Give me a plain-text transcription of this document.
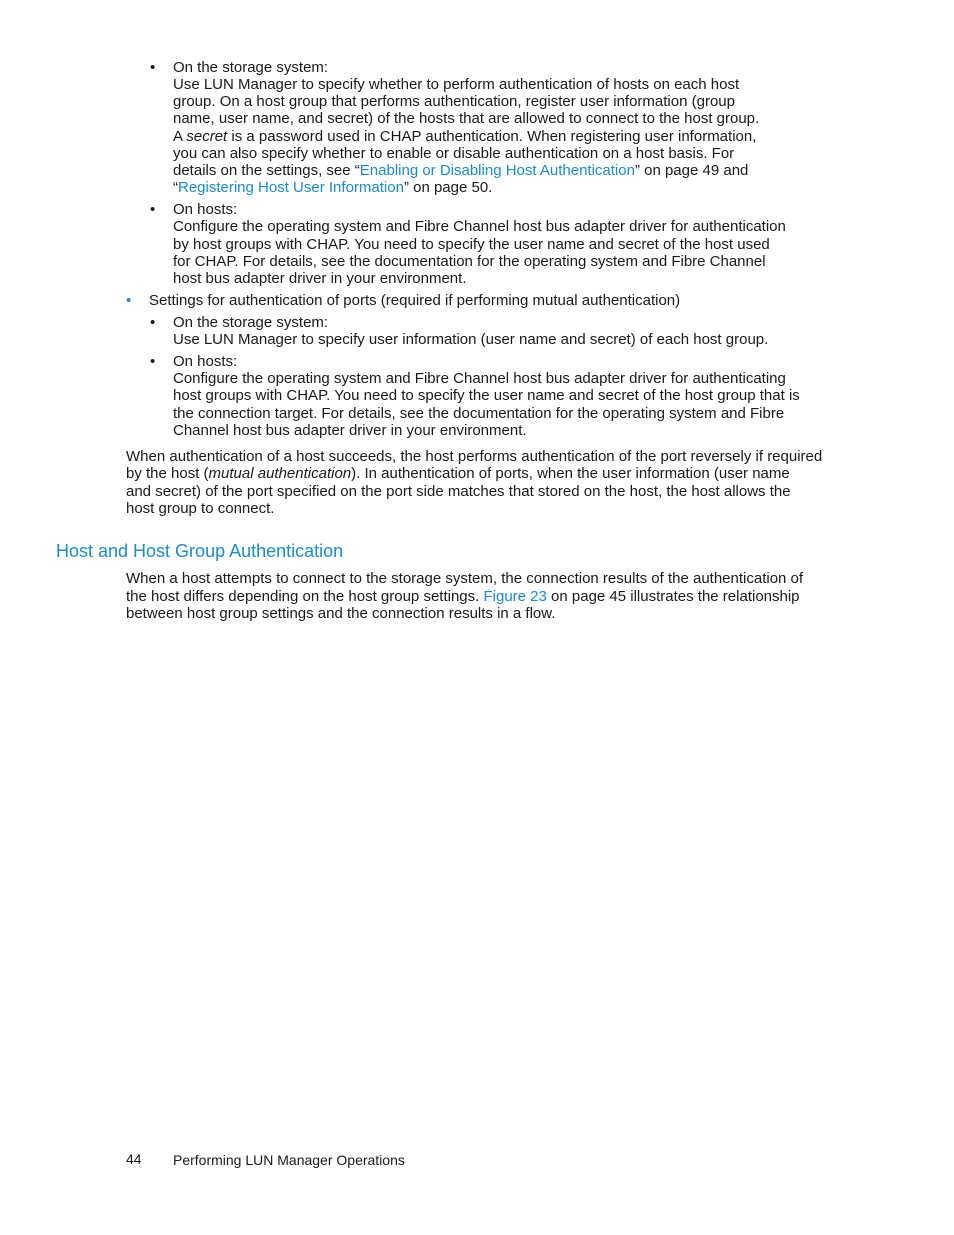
• On the storage system:
Use LUN Manager to specify whether to perform authentication of hosts on each host
group. On a host group that performs authentication, register user information (group
name, user name, and secret) of the hosts that are allowed to connect to the host group.
A secret is a password used in CHAP authentication. When registering user information,
you can also specify whether to enable or disable authentication on a host basis. For
details on the settings, see “Enabling or Disabling Host Authentication” on page 49 and
“Registering Host User Information” on page 50.
• On hosts:
Configure the operating system and Fibre Channel host bus adapter driver for authentication
by host groups with CHAP. You need to specify the user name and secret of the host used
for CHAP. For details, see the documentation for the operating system and Fibre Channel
host bus adapter driver in your environment.
• Settings for authentication of ports (required if performing mutual authentication)
• On the storage system:
Use LUN Manager to specify user information (user name and secret) of each host group.
• On hosts:
Configure the operating system and Fibre Channel host bus adapter driver for authenticating
host groups with CHAP. You need to specify the user name and secret of the host group that is
the connection target. For details, see the documentation for the operating system and Fibre
Channel host bus adapter driver in your environment.
When authentication of a host succeeds, the host performs authentication of the port reversely if required
by the host (mutual authentication). In authentication of ports, when the user information (user name
and secret) of the port specified on the port side matches that stored on the host, the host allows the
host group to connect.
Host and Host Group Authentication
When a host attempts to connect to the storage system, the connection results of the authentication of
the host differs depending on the host group settings. Figure 23 on page 45 illustrates the relationship
between host group settings and the connection results in a flow.
44 Performing LUN Manager Operations
